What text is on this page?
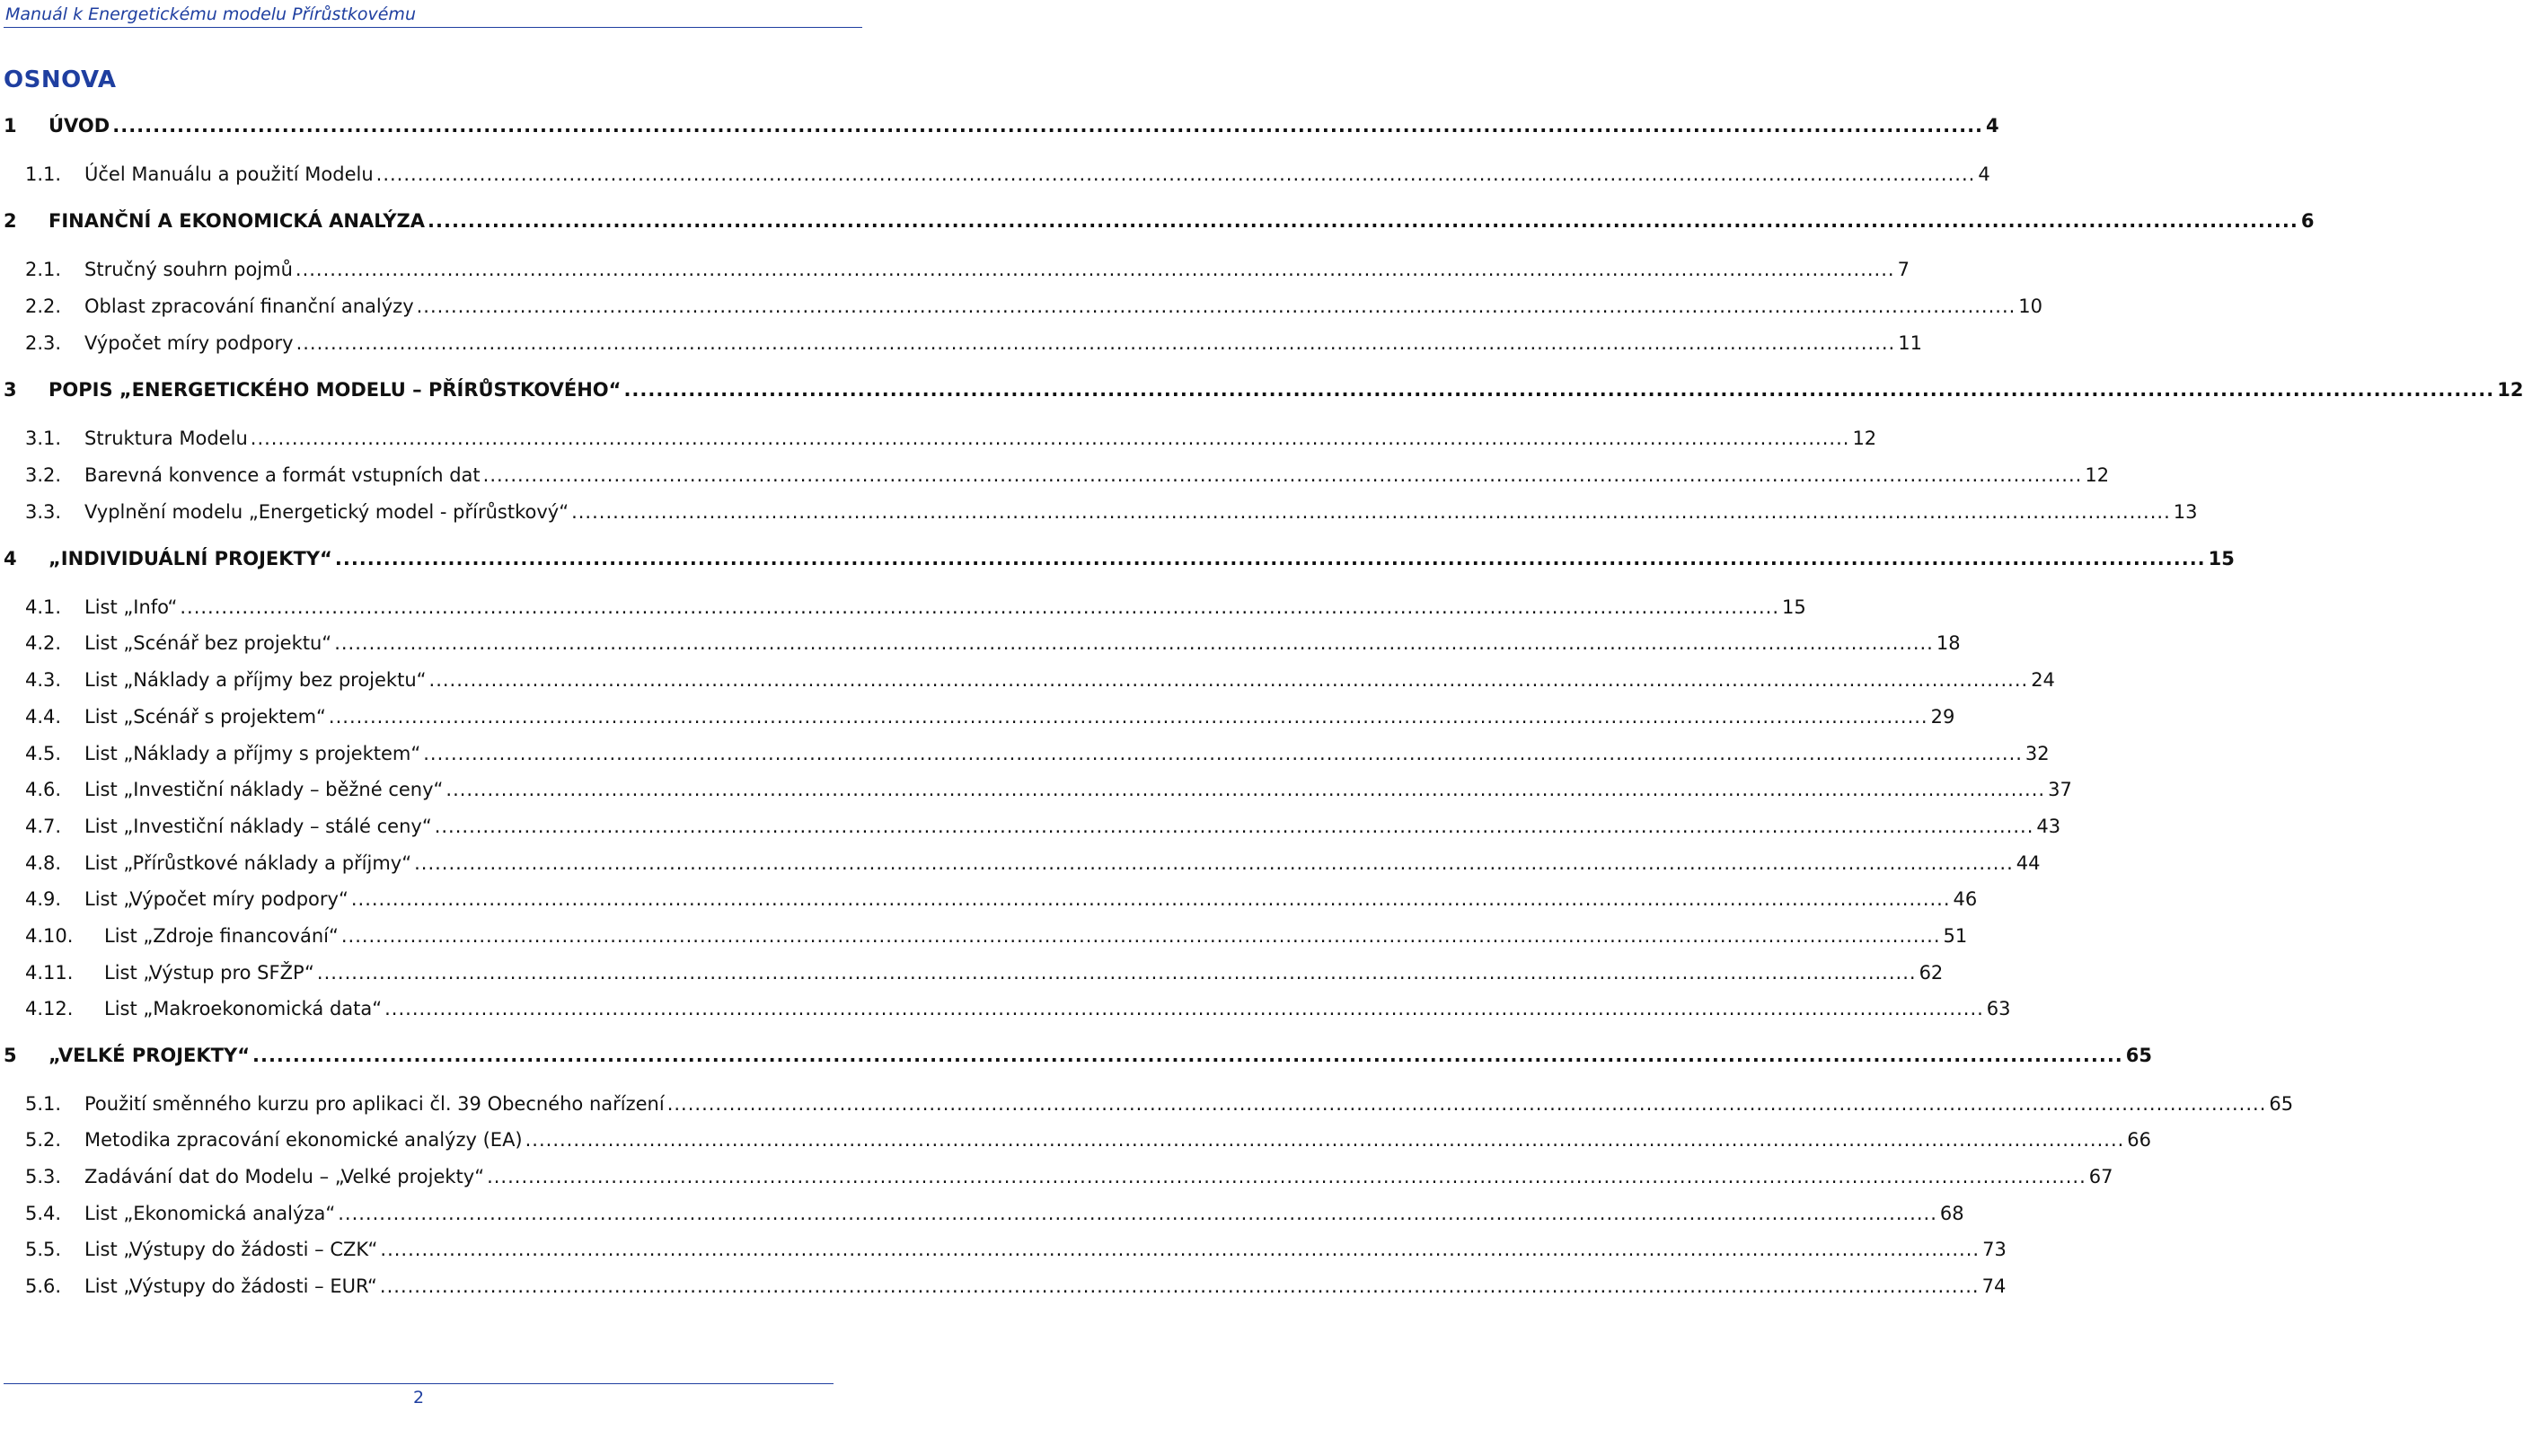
Manuál k Energetickému modelu Přírůstkovému
OSNOVA
1	ÚVOD .....	4
1.1.	Účel Manuálu a použití Modelu .....	4
2	FINANČNÍ A EKONOMICKÁ ANALÝZA .....	6
2.1.	Stručný souhrn pojmů .....	7
2.2.	Oblast zpracování finanční analýzy .....	10
2.3.	Výpočet míry podpory .....	11
3	POPIS „ENERGETICKÉHO MODELU – PŘÍRŮSTKOVÉHO“ .....	12
3.1.	Struktura Modelu .....	12
3.2.	Barevná konvence a formát vstupních dat .....	12
3.3.	Vyplnění modelu „Energetický model - přírůstkový“ .....	13
4	„INDIVIDUÁLNÍ PROJEKTY“ .....	15
4.1.	List „Info“ .....	15
4.2.	List „Scénář bez projektu“ .....	18
4.3.	List „Náklady a příjmy bez projektu“ .....	24
4.4.	List „Scénář s projektem“ .....	29
4.5.	List „Náklady a příjmy s projektem“ .....	32
4.6.	List „Investiční náklady – běžné ceny“ .....	37
4.7.	List „Investiční náklady – stálé ceny“ .....	43
4.8.	List „Přírůstkové náklady a příjmy“ .....	44
4.9.	List „Výpočet míry podpory“ .....	46
4.10.	List „Zdroje financování“ .....	51
4.11.	List „Výstup pro SFŽP“ .....	62
4.12.	List „Makroekonomická data“ .....	63
5	„VELKÉ PROJEKTY“ .....	65
5.1.	Použití směnného kurzu pro aplikaci čl. 39 Obecného nařízení .....	65
5.2.	Metodika zpracování ekonomické analýzy (EA) .....	66
5.3.	Zadávání dat do Modelu – „Velké projekty“ .....	67
5.4.	List „Ekonomická analýza“ .....	68
5.5.	List „Výstupy do žádosti – CZK“ .....	73
5.6.	List „Výstupy do žádosti – EUR“ .....	74
2
